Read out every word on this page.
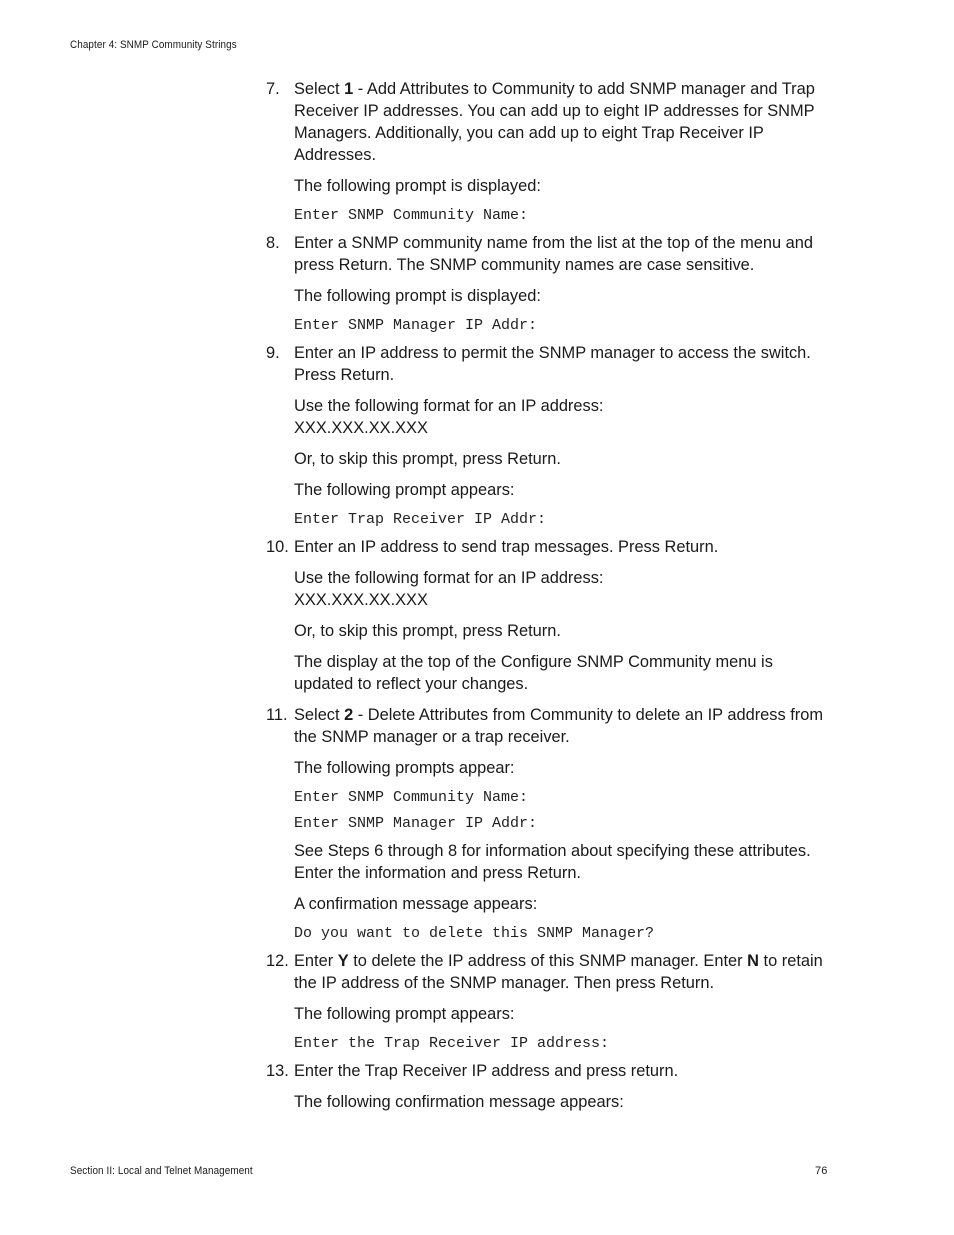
Chapter 4: SNMP Community Strings
7. Select 1 - Add Attributes to Community to add SNMP manager and Trap Receiver IP addresses. You can add up to eight IP addresses for SNMP Managers. Additionally, you can add up to eight Trap Receiver IP Addresses.
The following prompt is displayed:
Enter SNMP Community Name:
8. Enter a SNMP community name from the list at the top of the menu and press Return. The SNMP community names are case sensitive.
The following prompt is displayed:
Enter SNMP Manager IP Addr:
9. Enter an IP address to permit the SNMP manager to access the switch. Press Return.
Use the following format for an IP address:
XXX.XXX.XX.XXX
Or, to skip this prompt, press Return.
The following prompt appears:
Enter Trap Receiver IP Addr:
10. Enter an IP address to send trap messages. Press Return.
Use the following format for an IP address:
XXX.XXX.XX.XXX
Or, to skip this prompt, press Return.
The display at the top of the Configure SNMP Community menu is updated to reflect your changes.
11. Select 2 - Delete Attributes from Community to delete an IP address from the SNMP manager or a trap receiver.
The following prompts appear:
Enter SNMP Community Name:
Enter SNMP Manager IP Addr:
See Steps 6 through 8 for information about specifying these attributes. Enter the information and press Return.
A confirmation message appears:
Do you want to delete this SNMP Manager?
12. Enter Y to delete the IP address of this SNMP manager. Enter N to retain the IP address of the SNMP manager. Then press Return.
The following prompt appears:
Enter the Trap Receiver IP address:
13. Enter the Trap Receiver IP address and press return.
The following confirmation message appears:
Section II: Local and Telnet Management	76
